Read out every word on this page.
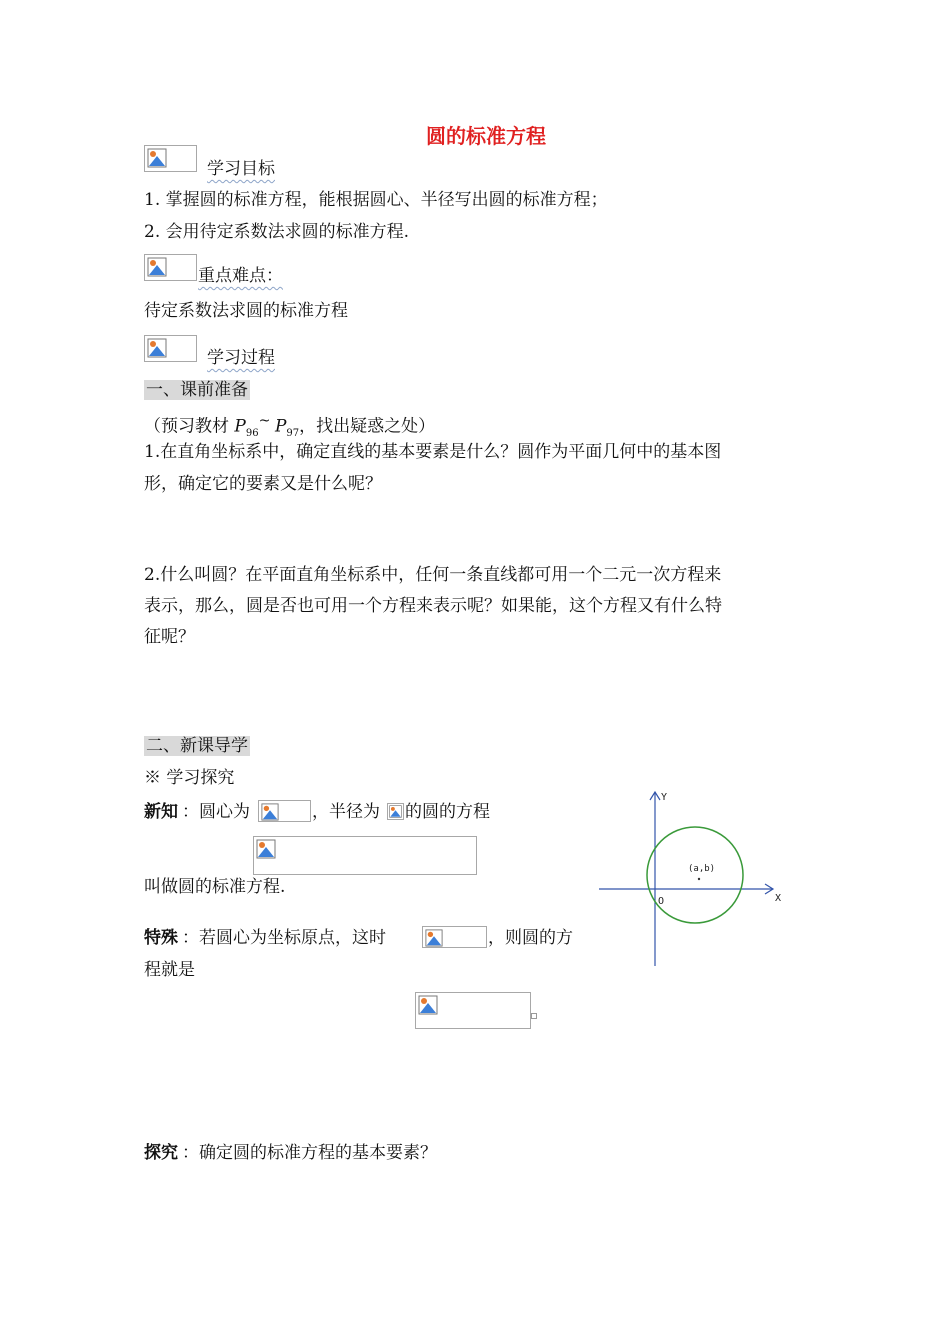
圆的标准方程
学习目标
1. 掌握圆的标准方程，能根据圆心、半径写出圆的标准方程；
2. 会用待定系数法求圆的标准方程.
重点难点：
待定系数法求圆的标准方程
学习过程
一、课前准备
（预习教材 $P_{96}^\sim$ $P_{97}$，找出疑惑之处）
1.在直角坐标系中，确定直线的基本要素是什么？圆作为平面几何中的基本图
形，确定它的要素又是什么呢？
2.什么叫圆？在平面直角坐标系中，任何一条直线都可用一个二元一次方程来
表示，那么，圆是否也可用一个方程来表示呢？如果能，这个方程又有什么特
征呢？
二、新课导学
※ 学习探究
新知 ：圆心为	，半径为 的圆的方程
叫做圆的标准方程.
特殊 ：若圆心为坐标原点，这时	，则圆的方
程就是
探究 ：确定圆的标准方程的基本要素？
Y
X
O
(a,b)
